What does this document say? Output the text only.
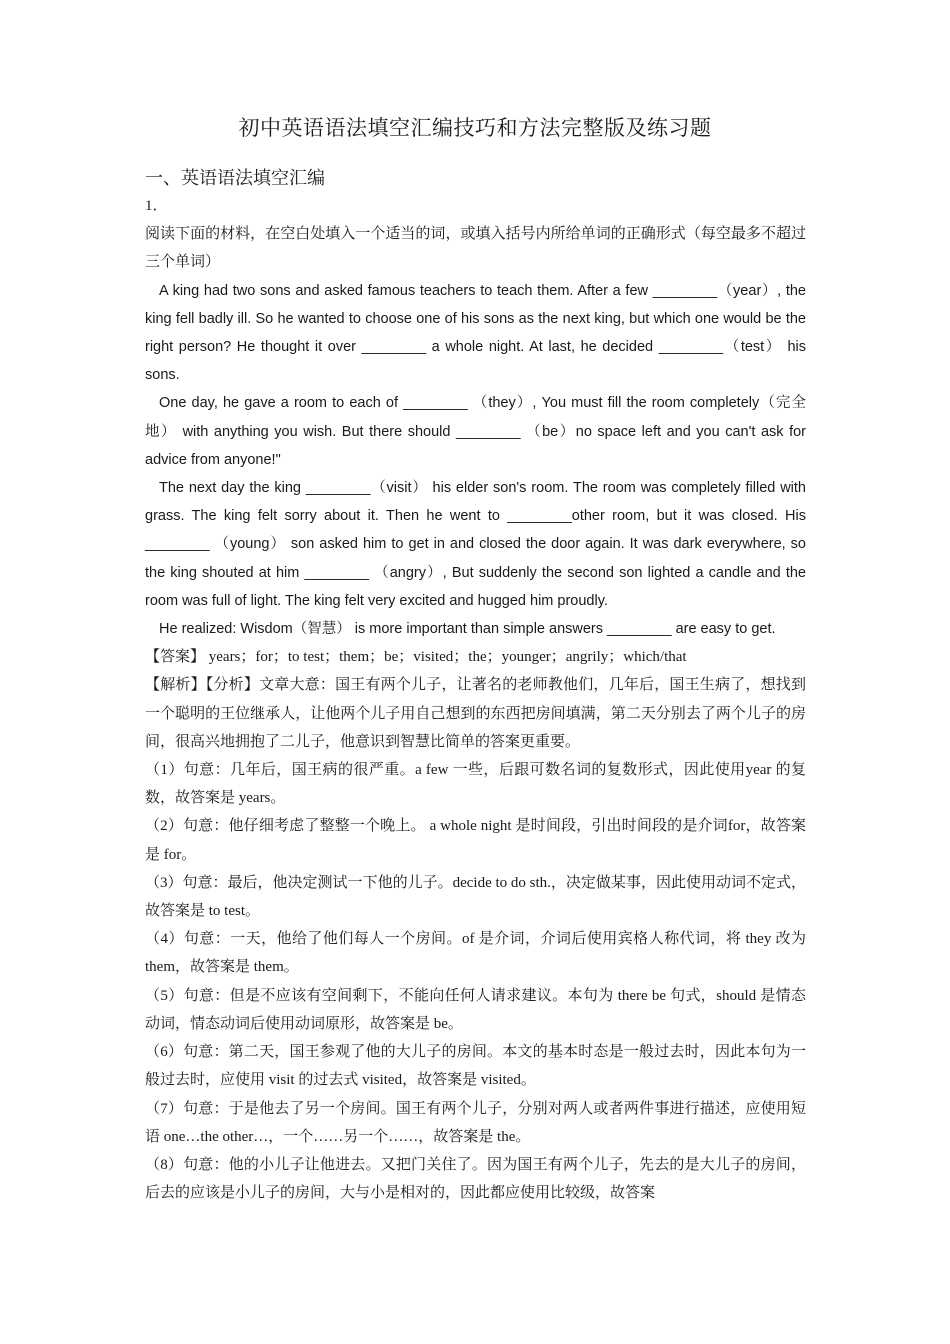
初中英语语法填空汇编技巧和方法完整版及练习题
一、英语语法填空汇编

1．

阅读下面的材料，在空白处填入一个适当的词，或填入括号内所给单词的正确形式（每空最多不超过三个单词）

A king had two sons and asked famous teachers to teach them. After a few ________（year）, the king fell badly ill. So he wanted to choose one of his sons as the next king, but which one would be the right person? He thought it over ________ a whole night. At last, he decided ________（test） his sons.

One day, he gave a room to each of ________ （they）, You must fill the room completely（完全地） with anything you wish. But there should ________ （be）no space left and you can't ask for advice from anyone!"

The next day the king ________（visit） his elder son's room. The room was completely filled with grass. The king felt sorry about it. Then he went to ________other room, but it was closed. His ________ （young） son asked him to get in and closed the door again. It was dark everywhere, so the king shouted at him ________ （angry）, But suddenly the second son lighted a candle and the room was full of light. The king felt very excited and hugged him proudly.

He realized: Wisdom（智慧） is more important than simple answers ________ are easy to get.

【答案】 years；for；to test；them；be；visited；the；younger；angrily；which/that

【解析】【分析】文章大意：国王有两个儿子，让著名的老师教他们，几年后，国王生病了，想找到一个聪明的王位继承人，让他两个儿子用自己想到的东西把房间填满，第二天分别去了两个儿子的房间，很高兴地拥抱了二儿子，他意识到智慧比简单的答案更重要。

（1）句意：几年后，国王病的很严重。a few 一些，后跟可数名词的复数形式，因此使用year 的复数，故答案是 years。

（2）句意：他仔细考虑了整整一个晚上。 a whole night 是时间段，引出时间段的是介词for，故答案是 for。

（3）句意：最后，他决定测试一下他的儿子。decide to do sth.，决定做某事，因此使用动词不定式，故答案是 to test。

（4）句意：一天，他给了他们每人一个房间。of 是介词，介词后使用宾格人称代词，将 they 改为 them，故答案是 them。

（5）句意：但是不应该有空间剩下，不能向任何人请求建议。本句为 there be 句式，should 是情态动词，情态动词后使用动词原形，故答案是 be。

（6）句意：第二天，国王参观了他的大儿子的房间。本文的基本时态是一般过去时，因此本句为一般过去时，应使用 visit 的过去式 visited，故答案是 visited。

（7）句意：于是他去了另一个房间。国王有两个儿子，分别对两人或者两件事进行描述，应使用短语 one…the other…，一个……另一个……，故答案是 the。

（8）句意：他的小儿子让他进去。又把门关住了。因为国王有两个儿子，先去的是大儿子的房间，后去的应该是小儿子的房间，大与小是相对的，因此都应使用比较级，故答案
